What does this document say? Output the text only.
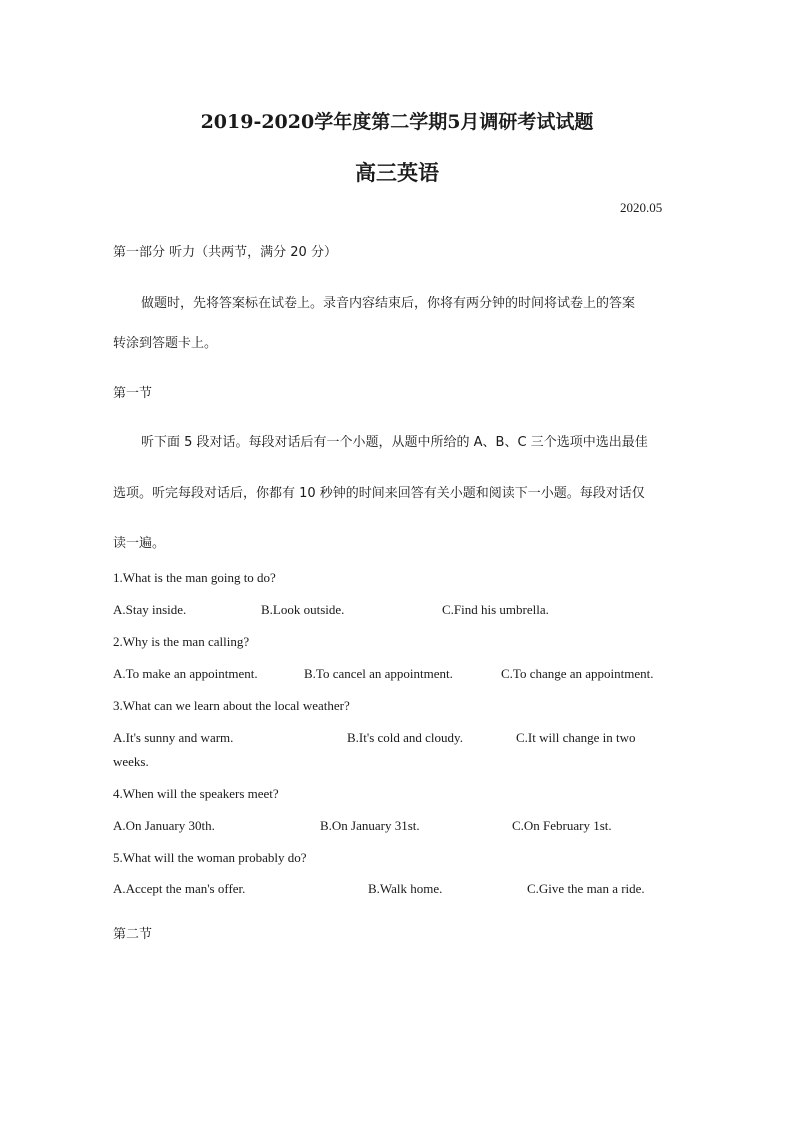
2019-2020学年度第二学期5月调研考试试题
高三英语
2020.05
第一部分 听力（共两节，满分 20 分）
做题时，先将答案标在试卷上。录音内容结束后，你将有两分钟的时间将试卷上的答案
转涂到答题卡上。
第一节
听下面 5 段对话。每段对话后有一个小题，从题中所给的 A、B、C 三个选项中选出最佳
选项。听完每段对话后，你都有 10 秒钟的时间来回答有关小题和阅读下一小题。每段对话仅
读一遍。
1.What is the man going to do?
A.Stay inside.	B.Look outside.	C.Find his umbrella.
2.Why is the man calling?
A.To make an appointment.	B.To cancel an appointment.	C.To change an appointment.
3.What can we learn about the local weather?
A.It's sunny and warm.	B.It's cold and cloudy.	C.It will change in two
weeks.
4.When will the speakers meet?
A.On January 30th.	B.On January 31st.	C.On February 1st.
5.What will the woman probably do?
A.Accept the man's offer.	B.Walk home.	C.Give the man a ride.
第二节
